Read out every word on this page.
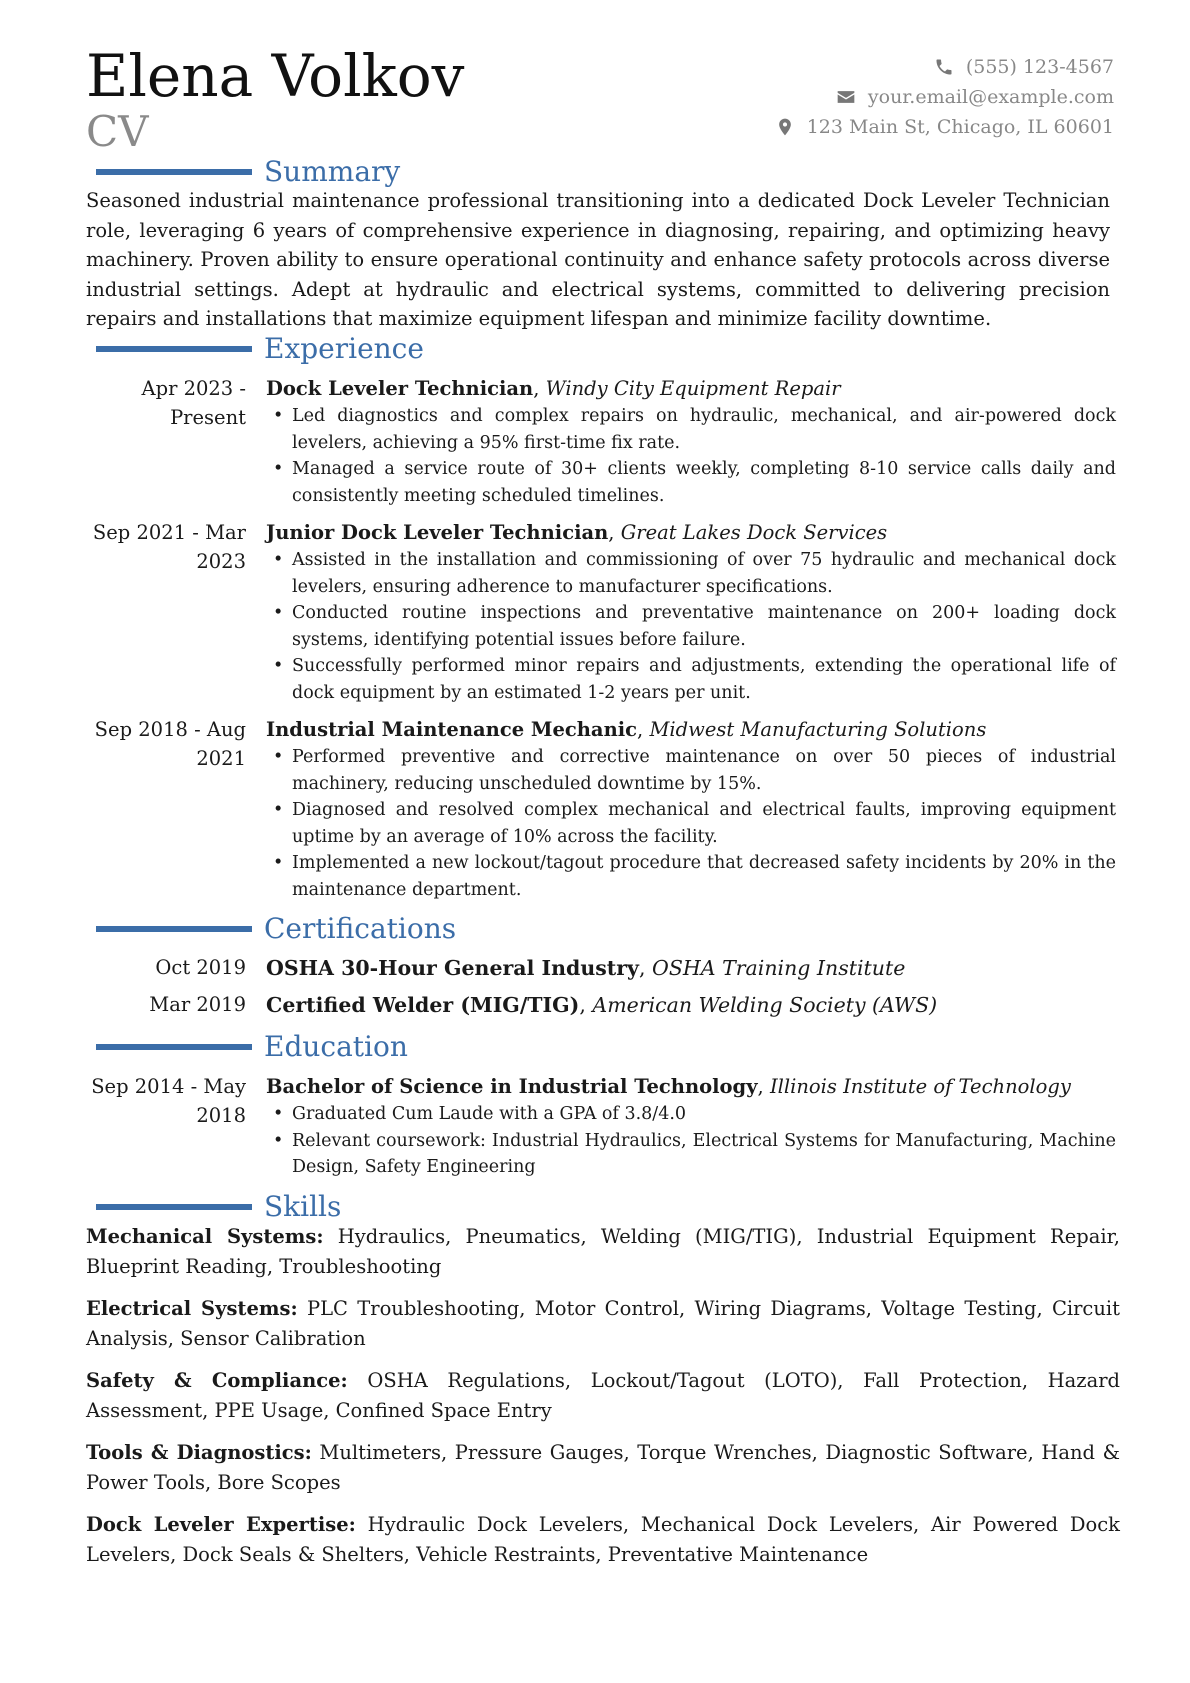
Elena Volkov
CV
(555) 123-4567
your.email@example.com
123 Main St, Chicago, IL 60601
Summary
Seasoned industrial maintenance professional transitioning into a dedicated Dock Leveler Technician role, leveraging 6 years of comprehensive experience in diagnosing, repairing, and optimizing heavy machinery. Proven ability to ensure operational continuity and enhance safety protocols across diverse industrial settings. Adept at hydraulic and electrical systems, committed to delivering precision repairs and installations that maximize equipment lifespan and minimize facility downtime.
Experience
Apr 2023 - Present
Dock Leveler Technician, Windy City Equipment Repair
• Led diagnostics and complex repairs on hydraulic, mechanical, and air-powered dock levelers, achieving a 95% first-time fix rate.
• Managed a service route of 30+ clients weekly, completing 8-10 service calls daily and consistently meeting scheduled timelines.
Sep 2021 - Mar 2023
Junior Dock Leveler Technician, Great Lakes Dock Services
• Assisted in the installation and commissioning of over 75 hydraulic and mechanical dock levelers, ensuring adherence to manufacturer specifications.
• Conducted routine inspections and preventative maintenance on 200+ loading dock systems, identifying potential issues before failure.
• Successfully performed minor repairs and adjustments, extending the operational life of dock equipment by an estimated 1-2 years per unit.
Sep 2018 - Aug 2021
Industrial Maintenance Mechanic, Midwest Manufacturing Solutions
• Performed preventive and corrective maintenance on over 50 pieces of industrial machinery, reducing unscheduled downtime by 15%.
• Diagnosed and resolved complex mechanical and electrical faults, improving equipment uptime by an average of 10% across the facility.
• Implemented a new lockout/tagout procedure that decreased safety incidents by 20% in the maintenance department.
Certifications
Oct 2019 OSHA 30-Hour General Industry, OSHA Training Institute
Mar 2019 Certified Welder (MIG/TIG), American Welding Society (AWS)
Education
Sep 2014 - May 2018
Bachelor of Science in Industrial Technology, Illinois Institute of Technology
• Graduated Cum Laude with a GPA of 3.8/4.0
• Relevant coursework: Industrial Hydraulics, Electrical Systems for Manufacturing, Machine Design, Safety Engineering
Skills
Mechanical Systems: Hydraulics, Pneumatics, Welding (MIG/TIG), Industrial Equipment Repair, Blueprint Reading, Troubleshooting
Electrical Systems: PLC Troubleshooting, Motor Control, Wiring Diagrams, Voltage Testing, Circuit Analysis, Sensor Calibration
Safety & Compliance: OSHA Regulations, Lockout/Tagout (LOTO), Fall Protection, Hazard Assessment, PPE Usage, Confined Space Entry
Tools & Diagnostics: Multimeters, Pressure Gauges, Torque Wrenches, Diagnostic Software, Hand & Power Tools, Bore Scopes
Dock Leveler Expertise: Hydraulic Dock Levelers, Mechanical Dock Levelers, Air Powered Dock Levelers, Dock Seals & Shelters, Vehicle Restraints, Preventative Maintenance
